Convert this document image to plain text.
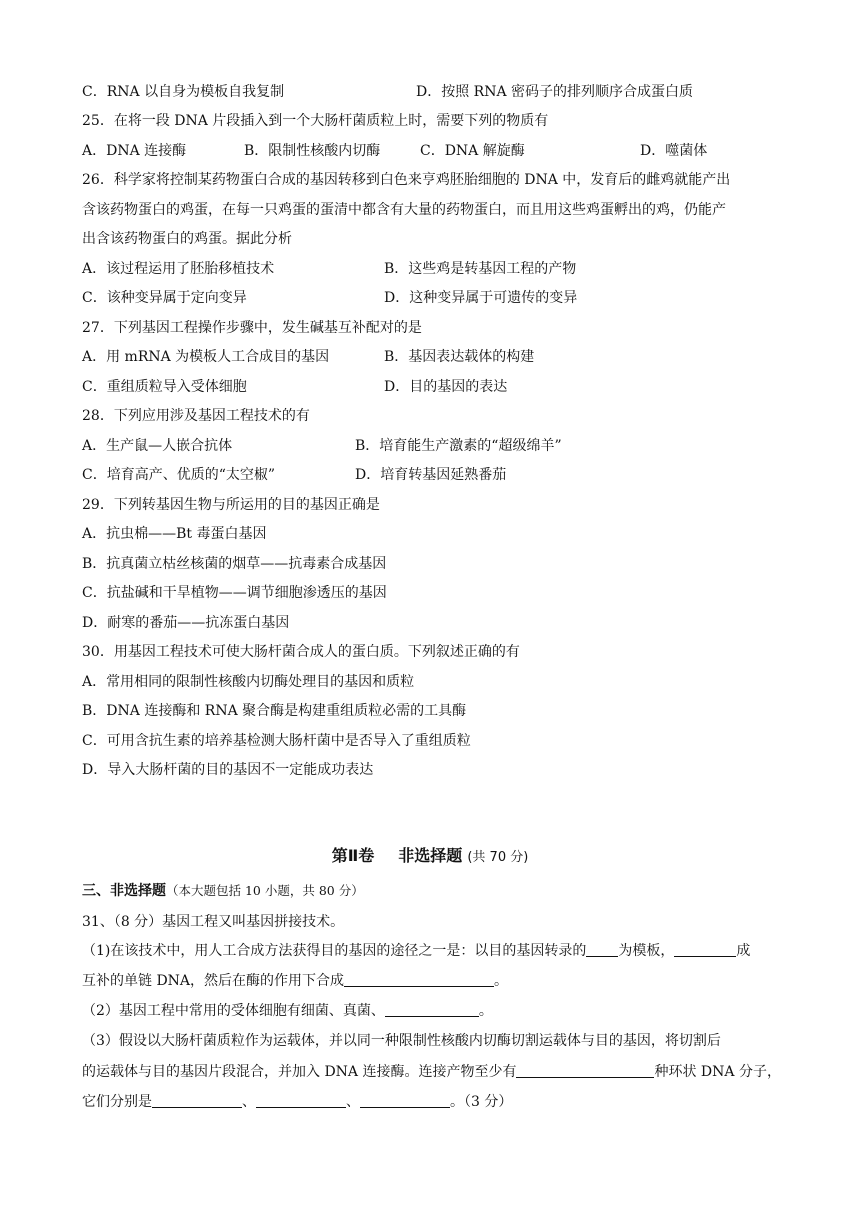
C．RNA 以自身为模板自我复制	D．按照 RNA 密码子的排列顺序合成蛋白质
25．在将一段 DNA 片段插入到一个大肠杆菌质粒上时，需要下列的物质有
A．DNA 连接酶	B．限制性核酸内切酶	C．DNA 解旋酶	D．噬菌体
26．科学家将控制某药物蛋白合成的基因转移到白色来亨鸡胚胎细胞的 DNA 中，发育后的雌鸡就能产出
含该药物蛋白的鸡蛋，在每一只鸡蛋的蛋清中都含有大量的药物蛋白，而且用这些鸡蛋孵出的鸡，仍能产
出含该药物蛋白的鸡蛋。据此分析
A．该过程运用了胚胎移植技术	B．这些鸡是转基因工程的产物
C．该种变异属于定向变异	D．这种变异属于可遗传的变异
27．下列基因工程操作步骤中，发生碱基互补配对的是
A．用 mRNA 为模板人工合成目的基因	B．基因表达载体的构建
C．重组质粒导入受体细胞	D．目的基因的表达
28．下列应用涉及基因工程技术的有
A．生产鼠—人嵌合抗体	B．培育能生产激素的“超级绵羊”
C．培育高产、优质的“太空椒”	D．培育转基因延熟番茄
29．下列转基因生物与所运用的目的基因正确是
A．抗虫棉——Bt 毒蛋白基因
B．抗真菌立枯丝核菌的烟草——抗毒素合成基因
C．抗盐碱和干旱植物——调节细胞渗透压的基因
D．耐寒的番茄——抗冻蛋白基因
30．用基因工程技术可使大肠杆菌合成人的蛋白质。下列叙述正确的有
A．常用相同的限制性核酸内切酶处理目的基因和质粒
B．DNA 连接酶和 RNA 聚合酶是构建重组质粒必需的工具酶
C．可用含抗生素的培养基检测大肠杆菌中是否导入了重组质粒
D．导入大肠杆菌的目的基因不一定能成功表达
第Ⅱ卷 非选择题 (共 70 分)
三、非选择题（本大题包括 10 小题，共 80 分）
31、（8 分）基因工程又叫基因拼接技术。
（1)在该技术中，用人工合成方法获得目的基因的途径之一是：以目的基因转录的 为模板，	成
互补的单链 DNA，然后在酶的作用下合成	。
（2）基因工程中常用的受体细胞有细菌、真菌、	。
（3）假设以大肠杆菌质粒作为运载体，并以同一种限制性核酸内切酶切割运载体与目的基因，将切割后
的运载体与目的基因片段混合，并加入 DNA 连接酶。连接产物至少有	种环状 DNA 分子，
它们分别是	、	、	。（3 分）
